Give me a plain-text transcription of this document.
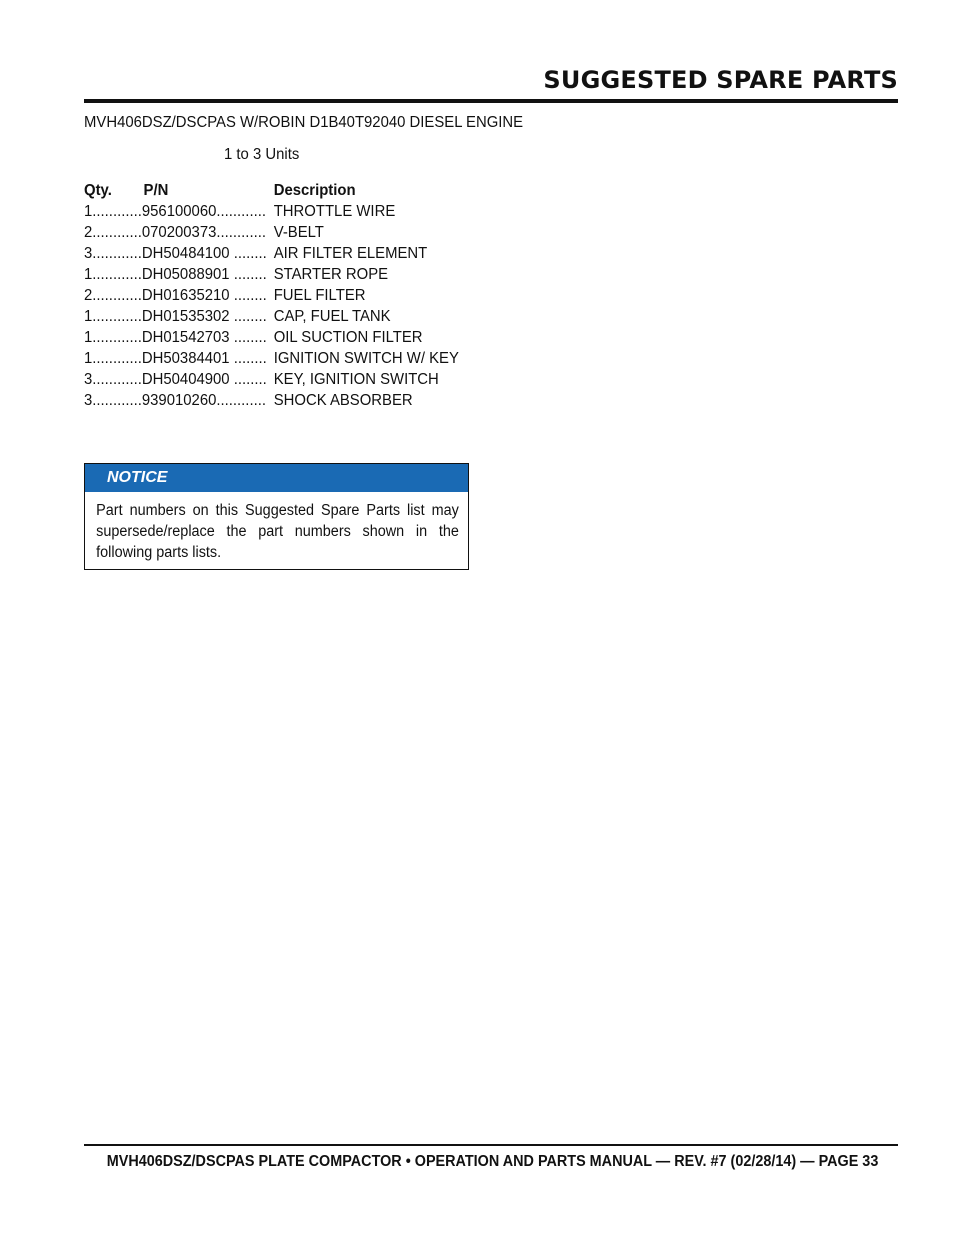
SUGGESTED SPARE PARTS
MVH406DSZ/DSCPAS W/ROBIN D1B40T92040 DIESEL ENGINE
1 to 3 Units
Qty. P/N	Description
1............956100060............ THROTTLE WIRE
2............070200373............ V-BELT
3............DH50484100 ........ AIR FILTER ELEMENT
1............DH05088901 ........ STARTER ROPE
2............DH01635210 ........ FUEL FILTER
1............DH01535302 ........ CAP, FUEL TANK
1............DH01542703 ........ OIL SUCTION FILTER
1............DH50384401 ........ IGNITION SWITCH W/ KEY
3............DH50404900 ........ KEY, IGNITION SWITCH
3............939010260............ SHOCK ABSORBER
NOTICE
Part numbers on this Suggested Spare Parts list may supersede/replace the part numbers shown in the following parts lists.
MVH406DSZ/DSCPAS PLATE COMPACTOR • OPERATION AND PARTS MANUAL — REV. #7 (02/28/14) — PAGE 33
